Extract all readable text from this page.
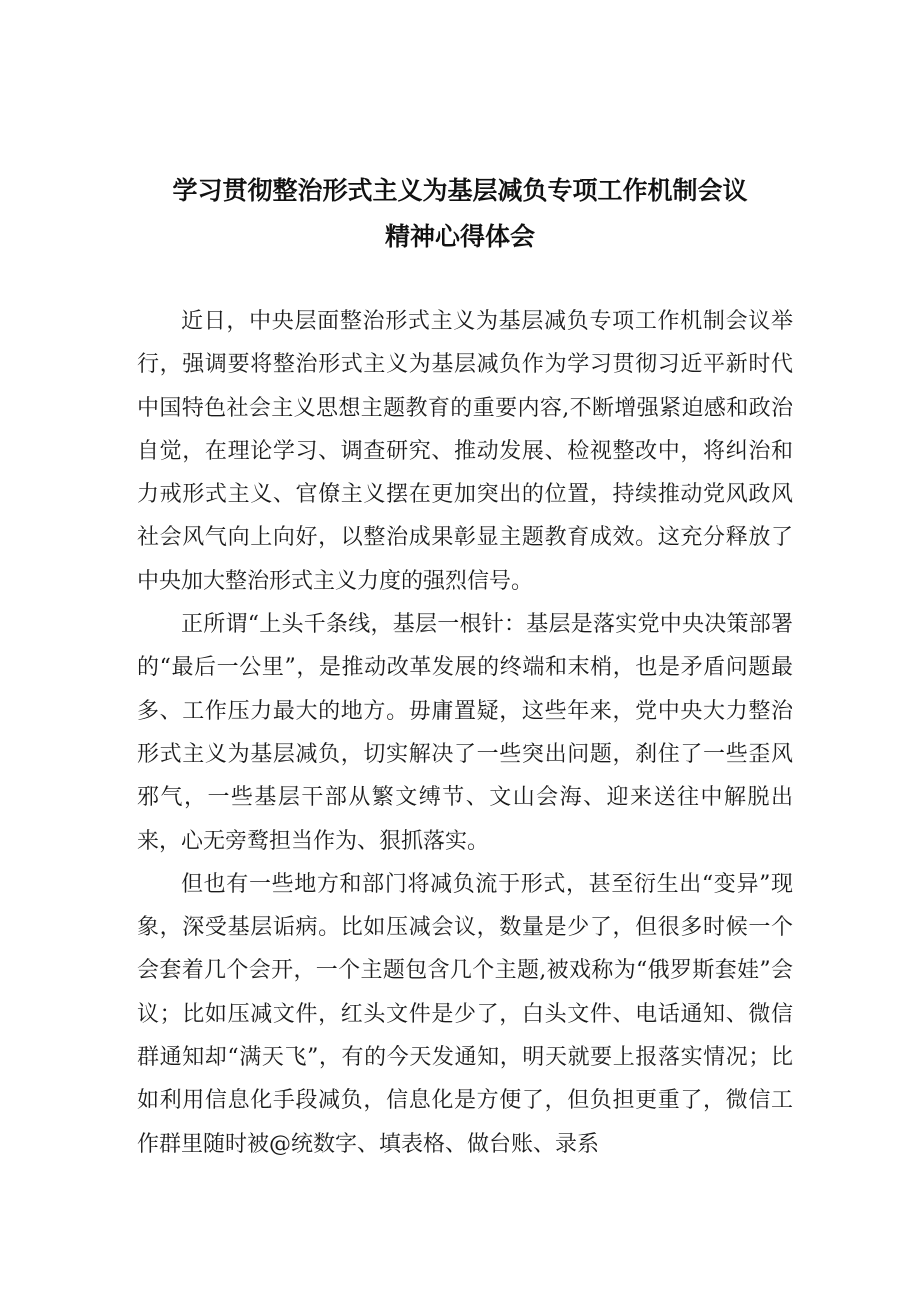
学习贯彻整治形式主义为基层减负专项工作机制会议
精神心得体会

近日，中央层面整治形式主义为基层减负专项工作机制会议举行，强调要将整治形式主义为基层减负作为学习贯彻习近平新时代中国特色社会主义思想主题教育的重要内容,不断增强紧迫感和政治自觉，在理论学习、调查研究、推动发展、检视整改中，将纠治和力戒形式主义、官僚主义摆在更加突出的位置，持续推动党风政风社会风气向上向好，以整治成果彰显主题教育成效。这充分释放了中央加大整治形式主义力度的强烈信号。

正所谓“上头千条线，基层一根针：基层是落实党中央决策部署的“最后一公里”，是推动改革发展的终端和末梢，也是矛盾问题最多、工作压力最大的地方。毋庸置疑，这些年来，党中央大力整治形式主义为基层减负，切实解决了一些突出问题，刹住了一些歪风邪气，一些基层干部从繁文缚节、文山会海、迎来送往中解脱出来，心无旁鹜担当作为、狠抓落实。

但也有一些地方和部门将减负流于形式，甚至衍生出“变异”现象，深受基层诟病。比如压减会议，数量是少了，但很多时候一个会套着几个会开，一个主题包含几个主题,被戏称为“俄罗斯套娃”会议；比如压减文件，红头文件是少了，白头文件、电话通知、微信群通知却“满天飞”，有的今天发通知，明天就要上报落实情况；比如利用信息化手段减负，信息化是方便了，但负担更重了，微信工作群里随时被@统数字、填表格、做台账、录系
